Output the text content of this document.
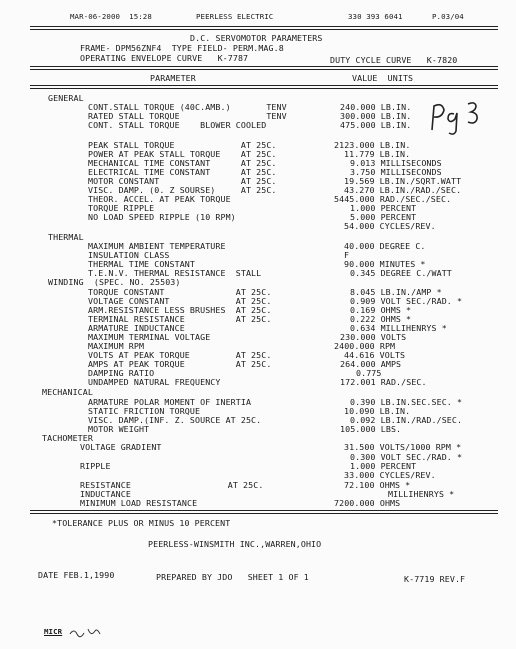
MAR-06-2000  15:28	PEERLESS ELECTRIC	330 393 6041	P.03/04
D.C. SERVOMOTOR PARAMETERS
FRAME- DPM56ZNF4  TYPE FIELD- PERM.MAG.8
OPERATING ENVELOPE CURVE   K-7787	DUTY CYCLE CURVE   K-7820
PARAMETER	VALUE  UNITS
GENERAL
CONT.STALL TORQUE (40C.AMB.)       TENV	240.000 LB.IN.
RATED STALL TORQUE                 TENV	300.000 LB.IN.
CONT. STALL TORQUE    BLOWER COOLED	475.000 LB.IN.
PEAK STALL TORQUE             AT 25C.	2123.000 LB.IN.
POWER AT PEAK STALL TORQUE    AT 25C.	11.779 LB.IN.
MECHANICAL TIME CONSTANT      AT 25C.	9.013 MILLISECONDS
ELECTRICAL TIME CONSTANT      AT 25C.	3.750 MILLISECONDS
MOTOR CONSTANT                AT 25C.	19.569 LB.IN./SQRT.WATT
VISC. DAMP. (0. Z SOURSE)     AT 25C.	43.270 LB.IN./RAD./SEC.
THEOR. ACCEL. AT PEAK TORQUE	5445.000 RAD./SEC./SEC.
TORQUE RIPPLE	1.000 PERCENT
NO LOAD SPEED RIPPLE (10 RPM)	5.000 PERCENT
54.000 CYCLES/REV.
THERMAL
MAXIMUM AMBIENT TEMPERATURE	40.000 DEGREE C.
INSULATION CLASS	F
THERMAL TIME CONSTANT	90.000 MINUTES *
T.E.N.V. THERMAL RESISTANCE  STALL	0.345 DEGREE C./WATT
WINDING  (SPEC. NO. 25503)
TORQUE CONSTANT              AT 25C.	8.045 LB.IN./AMP *
VOLTAGE CONSTANT             AT 25C.	0.909 VOLT SEC./RAD. *
ARM.RESISTANCE LESS BRUSHES  AT 25C.	0.169 OHMS *
TERMINAL RESISTANCE          AT 25C.	0.222 OHMS *
ARMATURE INDUCTANCE	0.634 MILLIHENRYS *
MAXIMUM TERMINAL VOLTAGE	230.000 VOLTS
MAXIMUM RPM	2400.000 RPM
VOLTS AT PEAK TORQUE         AT 25C.	44.616 VOLTS
AMPS AT PEAK TORQUE          AT 25C.	264.000 AMPS
DAMPING RATIO	0.775
UNDAMPED NATURAL FREQUENCY	172.001 RAD./SEC.
MECHANICAL
ARMATURE POLAR MOMENT OF INERTIA	0.390 LB.IN.SEC.SEC. *
STATIC FRICTION TORQUE	10.090 LB.IN.
VISC. DAMP.(INF. Z. SOURCE AT 25C.	0.092 LB.IN./RAD./SEC.
MOTOR WEIGHT	105.000 LBS.
TACHOMETER
VOLTAGE GRADIENT	31.500 VOLTS/1000 RPM *
0.300 VOLT SEC./RAD. *
RIPPLE	1.000 PERCENT
33.000 CYCLES/REV.
RESISTANCE                   AT 25C.	72.100 OHMS *
INDUCTANCE	MILLIHENRYS *
MINIMUM LOAD RESISTANCE	7200.000 OHMS
*TOLERANCE PLUS OR MINUS 10 PERCENT
PEERLESS-WINSMITH INC.,WARREN,OHIO
DATE FEB.1,1990	PREPARED BY JDO   SHEET 1 OF 1	K-7719 REV.F
MICR
